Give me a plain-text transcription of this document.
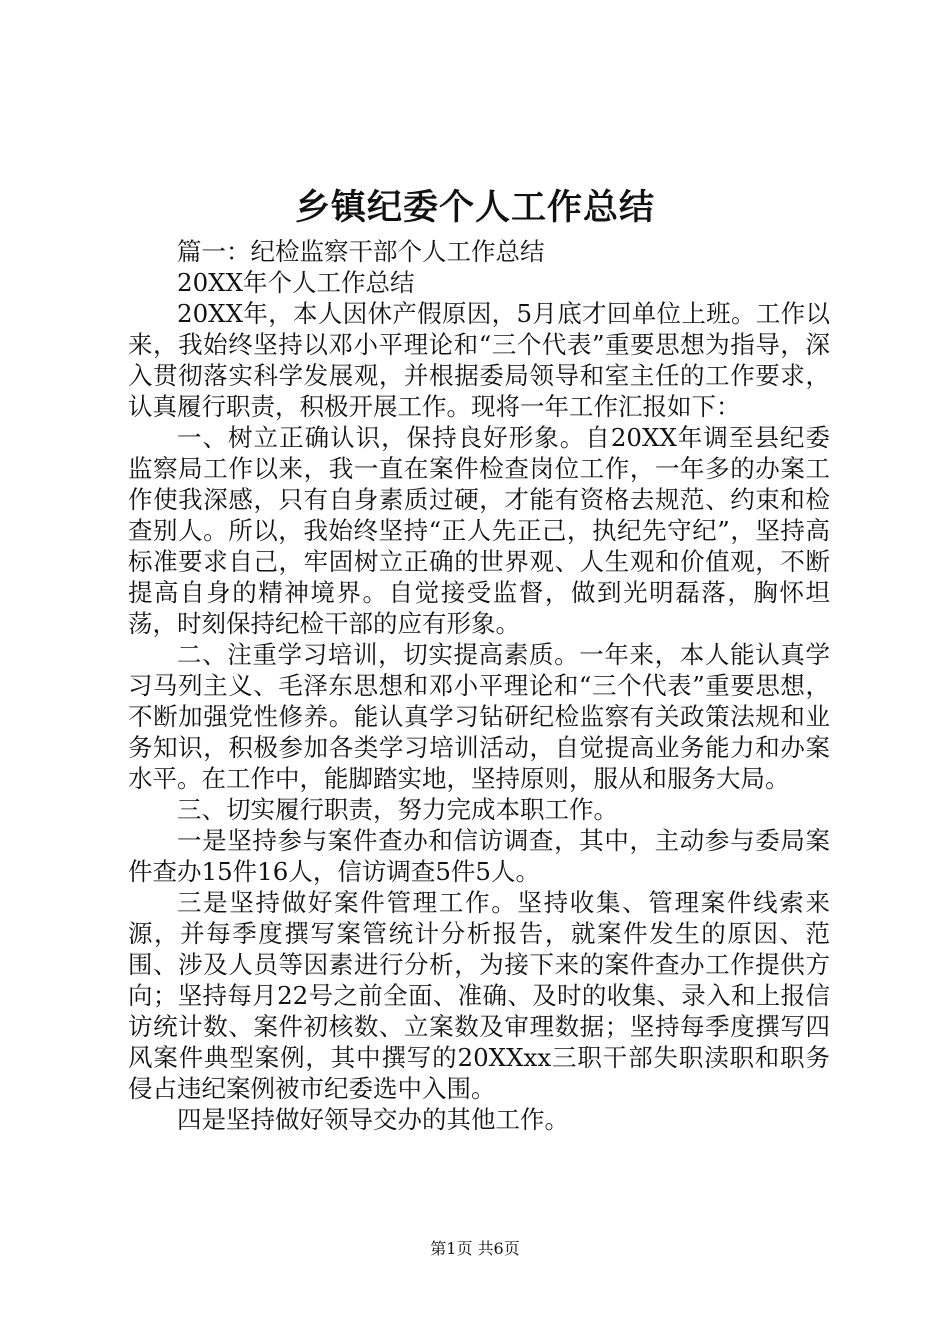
乡镇纪委个人工作总结

篇一：纪检监察干部个人工作总结

20XX年个人工作总结

20XX年，本人因休产假原因，5月底才回单位上班。工作以来，我始终坚持以邓小平理论和“三个代表”重要思想为指导，深入贯彻落实科学发展观，并根据委局领导和室主任的工作要求，认真履行职责，积极开展工作。现将一年工作汇报如下：

一、树立正确认识，保持良好形象。自20XX年调至县纪委监察局工作以来，我一直在案件检查岗位工作，一年多的办案工作使我深感，只有自身素质过硬，才能有资格去规范、约束和检查别人。所以，我始终坚持“正人先正己，执纪先守纪”，坚持高标准要求自己，牢固树立正确的世界观、人生观和价值观，不断提高自身的精神境界。自觉接受监督，做到光明磊落，胸怀坦荡，时刻保持纪检干部的应有形象。

二、注重学习培训，切实提高素质。一年来，本人能认真学习马列主义、毛泽东思想和邓小平理论和“三个代表”重要思想，不断加强党性修养。能认真学习钻研纪检监察有关政策法规和业务知识，积极参加各类学习培训活动，自觉提高业务能力和办案水平。在工作中，能脚踏实地，坚持原则，服从和服务大局。

三、切实履行职责，努力完成本职工作。

一是坚持参与案件查办和信访调查，其中，主动参与委局案件查办15件16人，信访调查5件5人。

三是坚持做好案件管理工作。坚持收集、管理案件线索来源，并每季度撰写案管统计分析报告，就案件发生的原因、范围、涉及人员等因素进行分析，为接下来的案件查办工作提供方向；坚持每月22号之前全面、准确、及时的收集、录入和上报信访统计数、案件初核数、立案数及审理数据；坚持每季度撰写四风案件典型案例，其中撰写的20XXxx三职干部失职渎职和职务侵占违纪案例被市纪委选中入围。

四是坚持做好领导交办的其他工作。

第1页 共6页
